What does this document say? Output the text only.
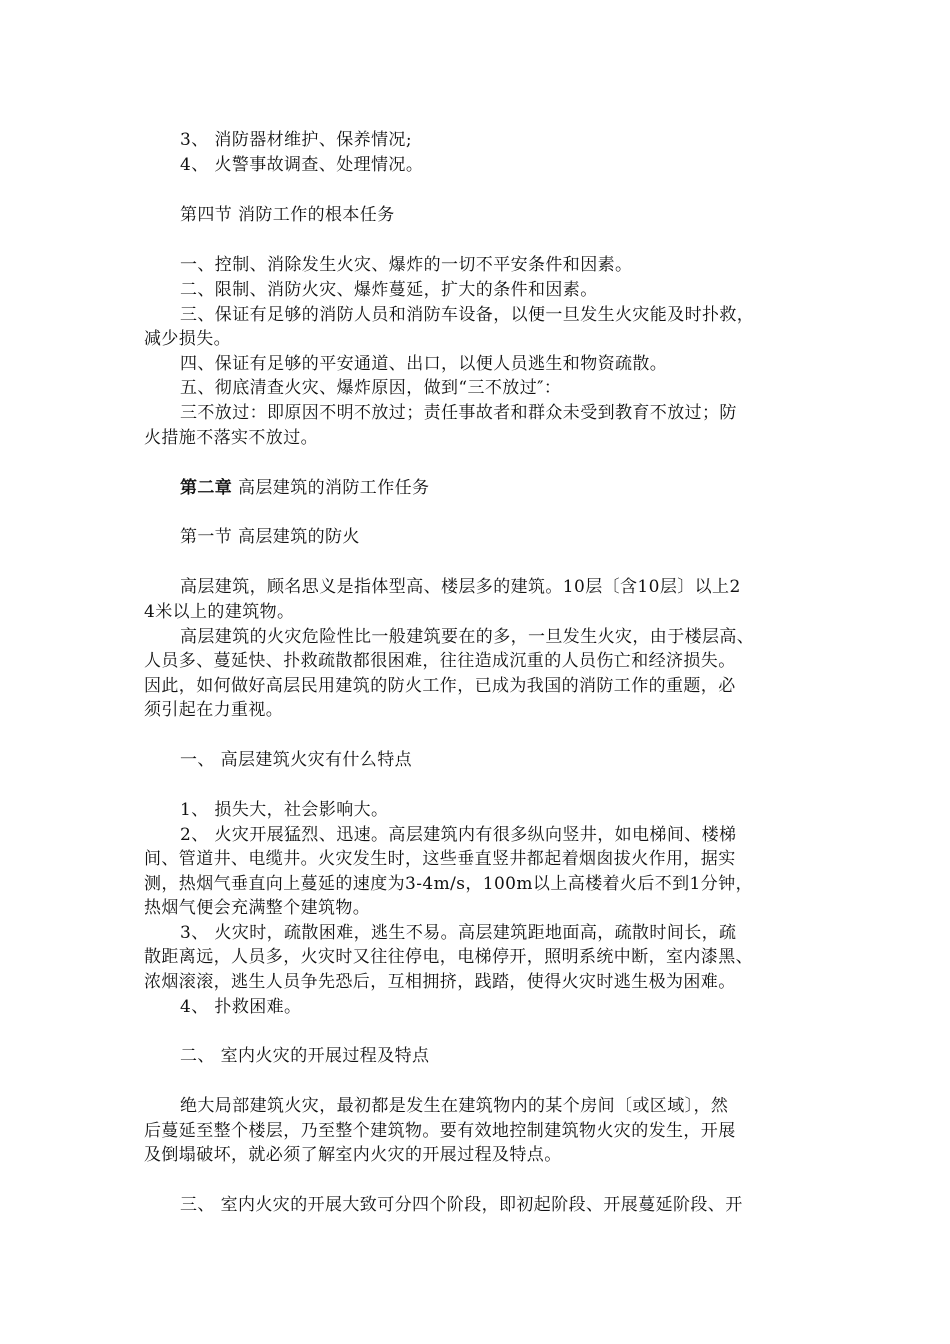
3、 消防器材维护、保养情况;
4、 火警事故调查、处理情况。
第四节 消防工作的根本任务
一、控制、消除发生火灾、爆炸的一切不平安条件和因素。
二、限制、消防火灾、爆炸蔓延，扩大的条件和因素。
三、保证有足够的消防人员和消防车设备，以便一旦发生火灾能及时扑救，
减少损失。
四、保证有足够的平安通道、出口，以便人员逃生和物资疏散。
五、彻底清查火灾、爆炸原因，做到“三不放过″：
三不放过：即原因不明不放过；责任事故者和群众未受到教育不放过；防
火措施不落实不放过。
第二章 高层建筑的消防工作任务
第一节 高层建筑的防火
高层建筑，顾名思义是指体型高、楼层多的建筑。10层〔含10层〕以上2
4米以上的建筑物。
高层建筑的火灾危险性比一般建筑要在的多，一旦发生火灾，由于楼层高、
人员多、蔓延快、扑救疏散都很困难，往往造成沉重的人员伤亡和经济损失。
因此，如何做好高层民用建筑的防火工作，已成为我国的消防工作的重题，必
须引起在力重视。
一、 高层建筑火灾有什么特点
1、 损失大，社会影响大。
2、 火灾开展猛烈、迅速。高层建筑内有很多纵向竖井，如电梯间、楼梯
间、管道井、电缆井。火灾发生时，这些垂直竖井都起着烟囱拔火作用，据实
测，热烟气垂直向上蔓延的速度为3-4m/s，100m以上高楼着火后不到1分钟，
热烟气便会充满整个建筑物。
3、 火灾时，疏散困难，逃生不易。高层建筑距地面高，疏散时间长，疏
散距离远，人员多，火灾时又往往停电，电梯停开，照明系统中断，室内漆黑、
浓烟滚滚，逃生人员争先恐后，互相拥挤，践踏，使得火灾时逃生极为困难。
4、 扑救困难。
二、 室内火灾的开展过程及特点
绝大局部建筑火灾，最初都是发生在建筑物内的某个房间〔或区域〕，然
后蔓延至整个楼层，乃至整个建筑物。要有效地控制建筑物火灾的发生，开展
及倒塌破坏，就必须了解室内火灾的开展过程及特点。
三、 室内火灾的开展大致可分四个阶段，即初起阶段、开展蔓延阶段、开
